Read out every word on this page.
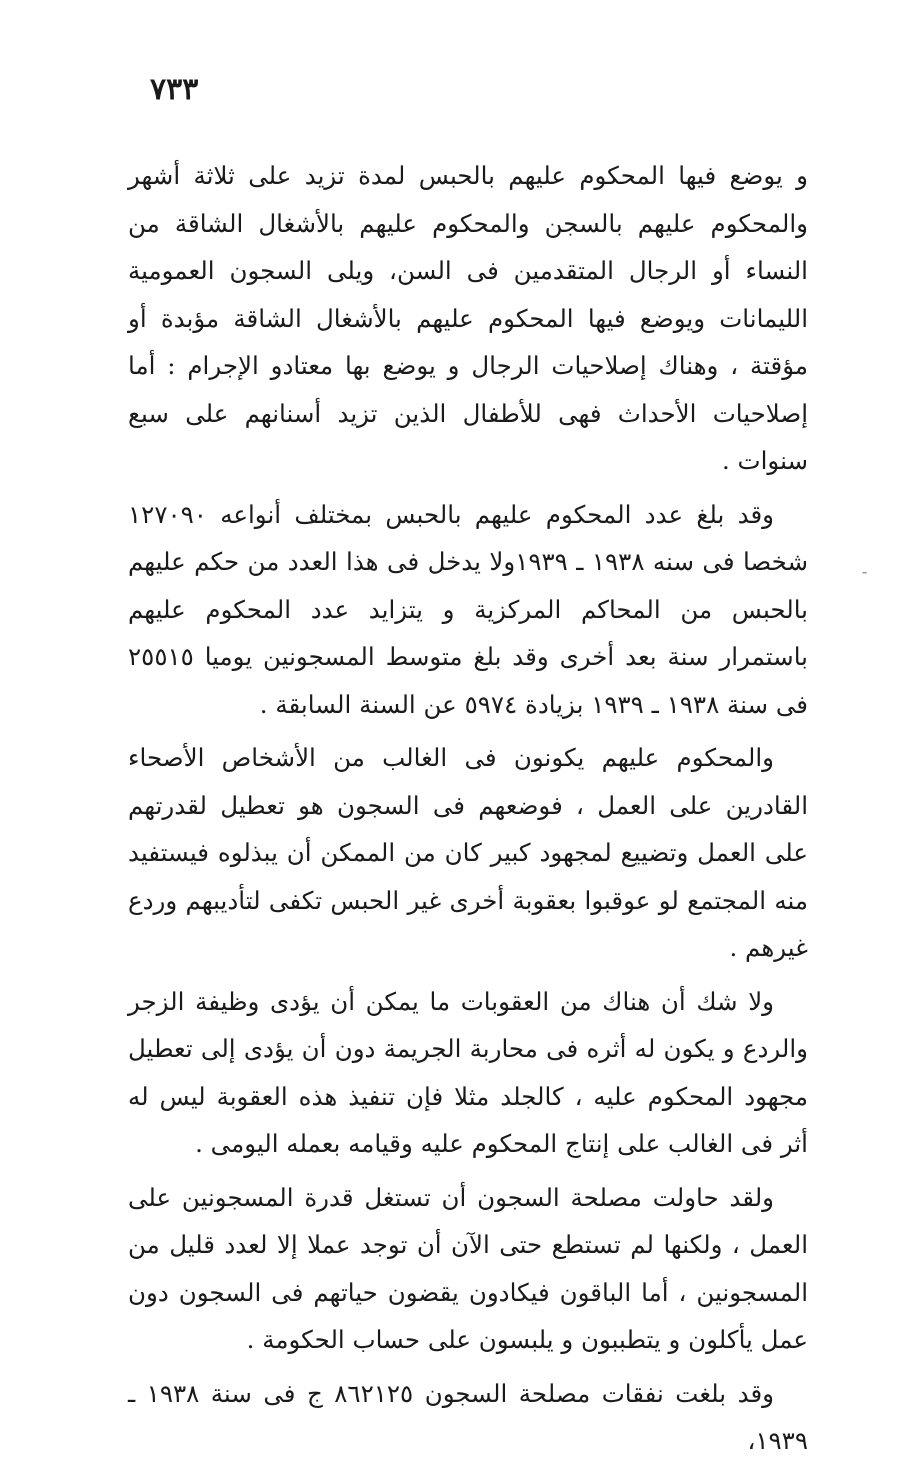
٧٣٣
⁃

و يوضع فيها المحكوم عليهم بالحبس لمدة تزيد على ثلاثة أشهر والمحكوم عليهم بالسجن والمحكوم عليهم بالأشغال الشاقة من النساء أو الرجال المتقدمين فى السن، ويلى السجون العمومية الليمانات ويوضع فيها المحكوم عليهم بالأشغال الشاقة مؤبدة أو مؤقتة ، وهناك إصلاحيات الرجال و يوضع بها معتادو الإجرام : أما إصلاحيات الأحداث فهى للأطفال الذين تزيد أسنانهم على سبع سنوات .

وقد بلغ عدد المحكوم عليهم بالحبس بمختلف أنواعه ١٢٧٠٩٠ شخصا فى سنه ١٩٣٨ ـ ١٩٣٩ولا يدخل فى هذا العدد من حكم عليهم بالحبس من المحاكم المركزية و يتزايد عدد المحكوم عليهم باستمرار سنة بعد أخرى وقد بلغ متوسط المسجونين يوميا ٢٥٥١٥ فى سنة ١٩٣٨ ـ ١٩٣٩ بزيادة ٥٩٧٤ عن السنة السابقة .

والمحكوم عليهم يكونون فى الغالب من الأشخاص الأصحاء القادرين على العمل ، فوضعهم فى السجون هو تعطيل لقدرتهم على العمل وتضييع لمجهود كبير كان من الممكن أن يبذلوه فيستفيد منه المجتمع لو عوقبوا بعقوبة أخرى غير الحبس تكفى لتأديبهم وردع غيرهم .

ولا شك أن هناك من العقوبات ما يمكن أن يؤدى وظيفة الزجر والردع و يكون له أثره فى محاربة الجريمة دون أن يؤدى إلى تعطيل مجهود المحكوم عليه ، كالجلد مثلا فإن تنفيذ هذه العقوبة ليس له أثر فى الغالب على إنتاج المحكوم عليه وقيامه بعمله اليومى .

ولقد حاولت مصلحة السجون أن تستغل قدرة المسجونين على العمل ، ولكنها لم تستطع حتى الآن أن توجد عملا إلا لعدد قليل من المسجونين ، أما الباقون فيكادون يقضون حياتهم فى السجون دون عمل يأكلون و يتطببون و يلبسون على حساب الحكومة .

وقد بلغت نفقات مصلحة السجون ٨٦٢١٢٥ ج فى سنة ١٩٣٨ ـ ١٩٣٩،
